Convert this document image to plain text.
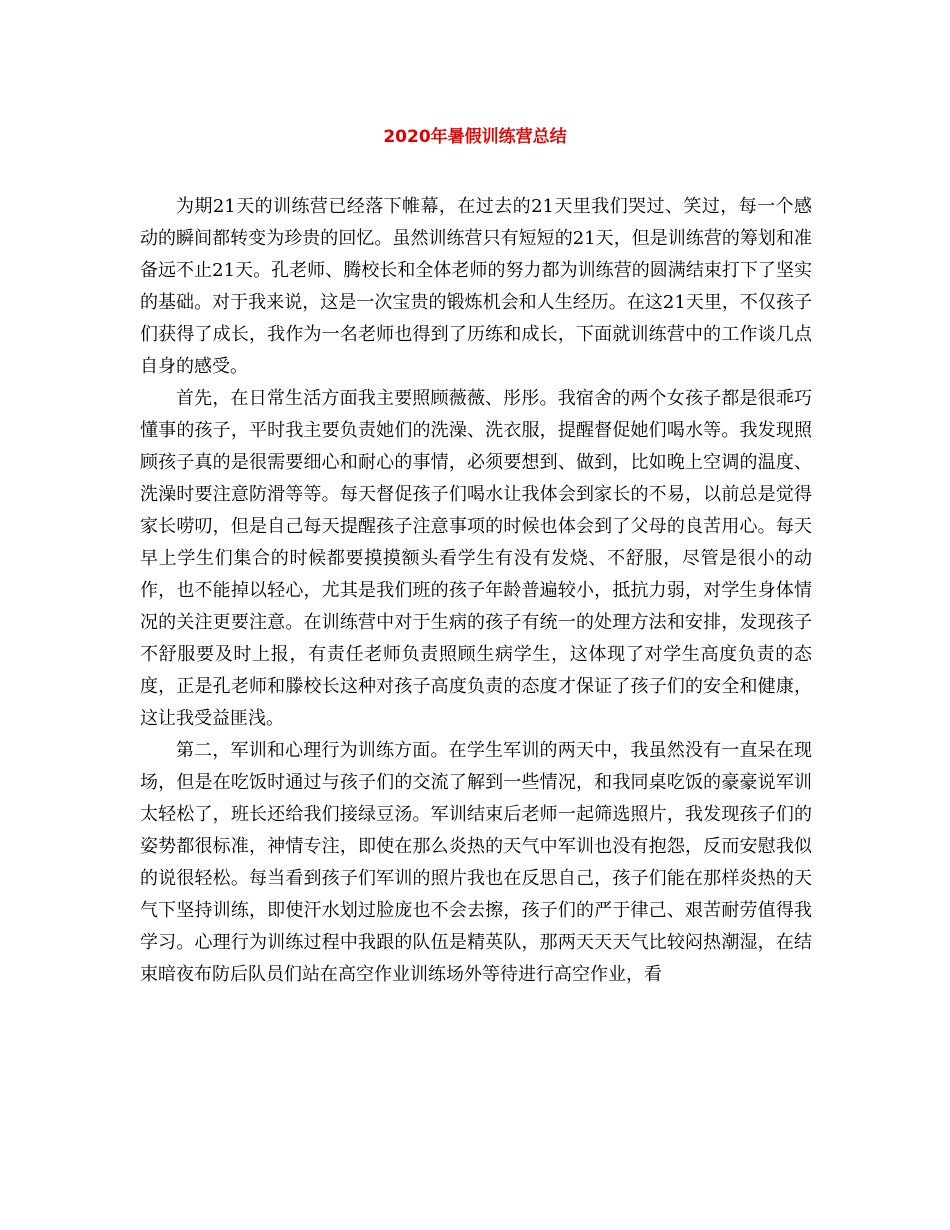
2020年暑假训练营总结

为期21天的训练营已经落下帷幕，在过去的21天里我们哭过、笑过，每一个感动的瞬间都转变为珍贵的回忆。虽然训练营只有短短的21天，但是训练营的筹划和准备远不止21天。孔老师、腾校长和全体老师的努力都为训练营的圆满结束打下了坚实的基础。对于我来说，这是一次宝贵的锻炼机会和人生经历。在这21天里，不仅孩子们获得了成长，我作为一名老师也得到了历练和成长，下面就训练营中的工作谈几点自身的感受。

首先，在日常生活方面我主要照顾薇薇、彤彤。我宿舍的两个女孩子都是很乖巧懂事的孩子，平时我主要负责她们的洗澡、洗衣服，提醒督促她们喝水等。我发现照顾孩子真的是很需要细心和耐心的事情，必须要想到、做到，比如晚上空调的温度、洗澡时要注意防滑等等。每天督促孩子们喝水让我体会到家长的不易，以前总是觉得家长唠叨，但是自己每天提醒孩子注意事项的时候也体会到了父母的良苦用心。每天早上学生们集合的时候都要摸摸额头看学生有没有发烧、不舒服，尽管是很小的动作，也不能掉以轻心，尤其是我们班的孩子年龄普遍较小，抵抗力弱，对学生身体情况的关注更要注意。在训练营中对于生病的孩子有统一的处理方法和安排，发现孩子不舒服要及时上报，有责任老师负责照顾生病学生，这体现了对学生高度负责的态度，正是孔老师和滕校长这种对孩子高度负责的态度才保证了孩子们的安全和健康，这让我受益匪浅。

第二，军训和心理行为训练方面。在学生军训的两天中，我虽然没有一直呆在现场，但是在吃饭时通过与孩子们的交流了解到一些情况，和我同桌吃饭的豪豪说军训太轻松了，班长还给我们接绿豆汤。军训结束后老师一起筛选照片，我发现孩子们的姿势都很标准，神情专注，即使在那么炎热的天气中军训也没有抱怨，反而安慰我似的说很轻松。每当看到孩子们军训的照片我也在反思自己，孩子们能在那样炎热的天气下坚持训练，即使汗水划过脸庞也不会去擦，孩子们的严于律己、艰苦耐劳值得我学习。心理行为训练过程中我跟的队伍是精英队，那两天天天气比较闷热潮湿，在结束暗夜布防后队员们站在高空作业训练场外等待进行高空作业，看
